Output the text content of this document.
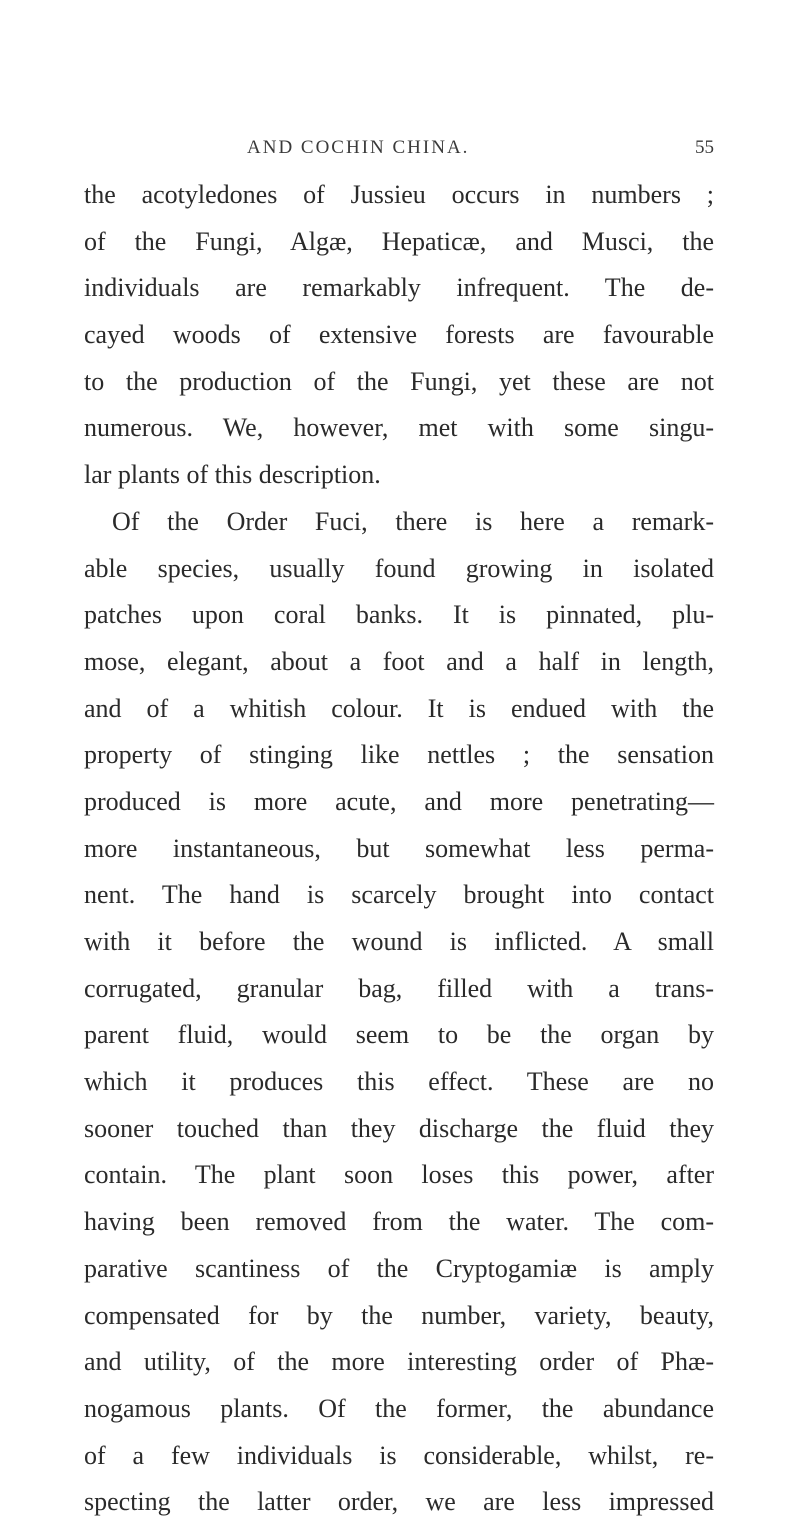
AND COCHIN CHINA.	55
the acotyledones of Jussieu occurs in numbers ;
of the Fungi, Algæ, Hepaticæ, and Musci, the
individuals are remarkably infrequent. The de-
cayed woods of extensive forests are favourable
to the production of the Fungi, yet these are not
numerous. We, however, met with some singu-
lar plants of this description.
Of the Order Fuci, there is here a remark-
able species, usually found growing in isolated
patches upon coral banks. It is pinnated, plu-
mose, elegant, about a foot and a half in length,
and of a whitish colour. It is endued with the
property of stinging like nettles ; the sensation
produced is more acute, and more penetrating—
more instantaneous, but somewhat less perma-
nent. The hand is scarcely brought into contact
with it before the wound is inflicted. A small
corrugated, granular bag, filled with a trans-
parent fluid, would seem to be the organ by
which it produces this effect. These are no
sooner touched than they discharge the fluid they
contain. The plant soon loses this power, after
having been removed from the water. The com-
parative scantiness of the Cryptogamiæ is amply
compensated for by the number, variety, beauty,
and utility, of the more interesting order of Phæ-
nogamous plants. Of the former, the abundance
of a few individuals is considerable, whilst, re-
specting the latter order, we are less impressed
